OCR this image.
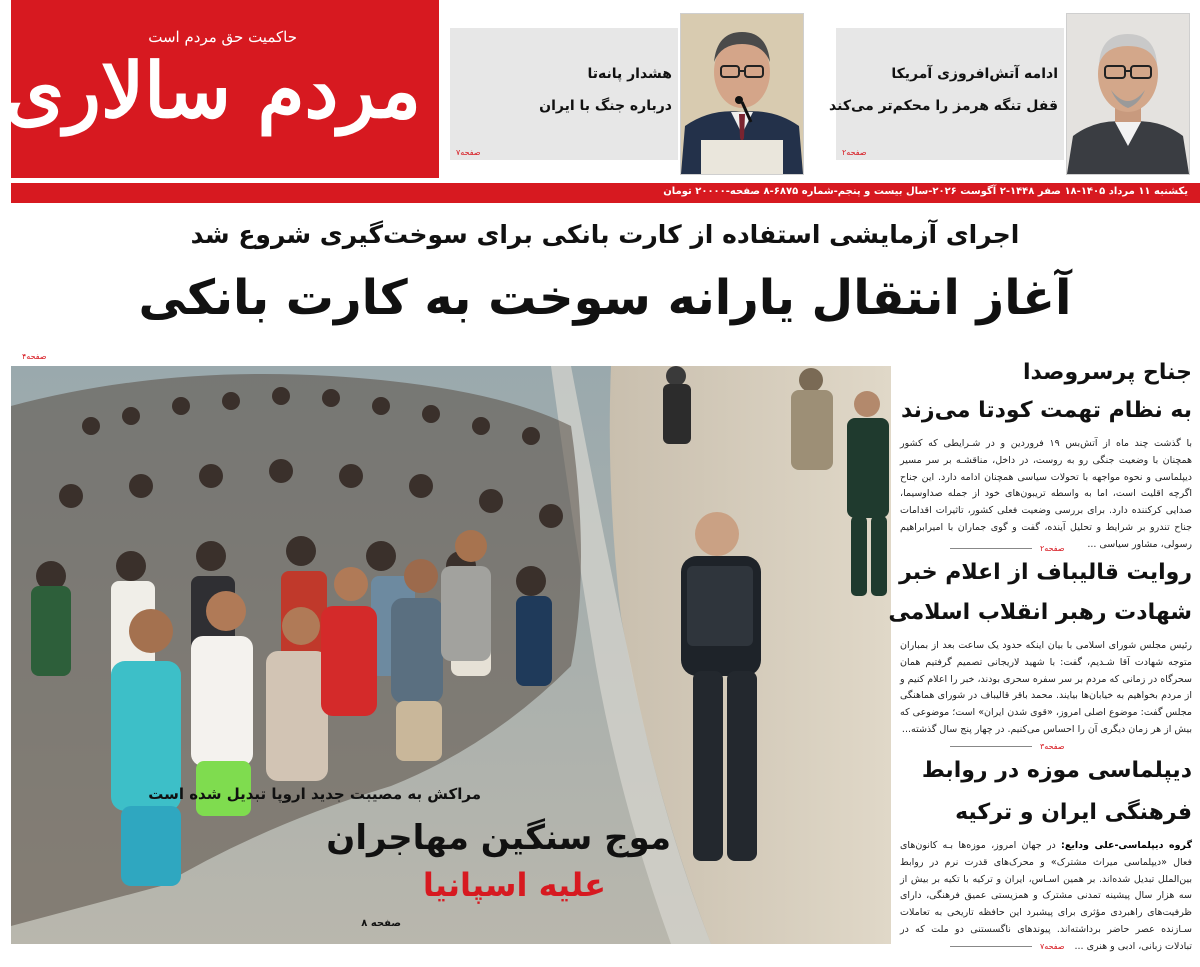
حاکمیت حق مردم است
مردم سالاری	ادامه آتش‌افروزی آمریکا
قفل تنگه هرمز را محکم‌تر می‌کند
صفحه۲
هشدار پانه‌تا
درباره جنگ با ایران
صفحه۷
یکشنبه ۱۱ مرداد ۱۴۰۵-۱۸ صفر ۱۴۴۸-۲ آگوست ۲۰۲۶-سال بیست و پنجم-شماره ۶۸۷۵-۸ صفحه-۲۰۰۰۰ تومان
اجرای آزمایشی استفاده از کارت بانکی برای سوخت‌گیری شروع شد
آغاز انتقال یارانه سوخت به کارت بانکی
صفحه۴
مراکش به مصیبت جدید اروپا تبدیل شده است
موج سنگین مهاجران
علیه اسپانیا
صفحه ۸
جناح پرسروصدا
به نظام تهمت کودتا می‌زند
با گذشت چند ماه از آتش‌بس ۱۹ فروردین و در شـرایطی که کشور همچنان با وضعیت جنگی رو به روست، در داخل، مناقشـه بر سر مسیر دیپلماسی و نحوه مواجهه با تحولات سیاسی همچنان ادامه دارد. این جناح اگرچه اقلیت است، اما به واسطه تریبون‌های خود از جمله صداوسیما، صدایی کرکننده دارد. برای بررسی وضعیت فعلی کشور، تاثیرات اقدامات جناح تندرو بر شرایط و تحلیل آینده، گفت و گوی جماران با امیرابراهیم رسولی، مشاور سیاسی ...
صفحه۲
روایت قالیباف از اعلام خبر
شهادت رهبر انقلاب اسلامی
رئیس مجلس شورای اسلامی با بیان اینکه حدود یک ساعت بعد از بمباران متوجه شهادت آقا شـدیم، گفت: با شهید لاریجانی تصمیم گرفتیم همان سحرگاه در زمانی که مردم بر سر سفره سحری بودند، خبر را اعلام کنیم و از مردم بخواهیم به خیابان‌ها بیایند. محمد باقر قالیباف در شورای هماهنگی مجلس گفت: موضوع اصلی امروز، «قوی شدن ایران» است؛ موضوعی که بیش از هر زمان دیگری آن را احساس می‌کنیم. در چهار پنج سال گذشته...
صفحه۳
دیپلماسی موزه در روابط
فرهنگی ایران و ترکیه
گروه دیپلماسی-علی ودایع: در جهان امروز، موزه‌ها بـه کانون‌های فعال «دیپلماسی میراث مشترک» و محرک‌های قدرت نرم در روابط بین‌الملل تبدیل شده‌اند. بر همین اسـاس، ایران و ترکیه با تکیه بر بیش از سه هزار سال پیشینه تمدنی مشترک و همزیستی عمیق فرهنگی، دارای ظرفیت‌های راهبردی مؤثری برای پیشبرد این حافظه تاریخی به تعاملات سـازنده عصر حاضر برداشته‌اند. پیوندهای ناگسستنی دو ملت که در تبادلات زبانی، ادبی و هنری ...
صفحه۷
